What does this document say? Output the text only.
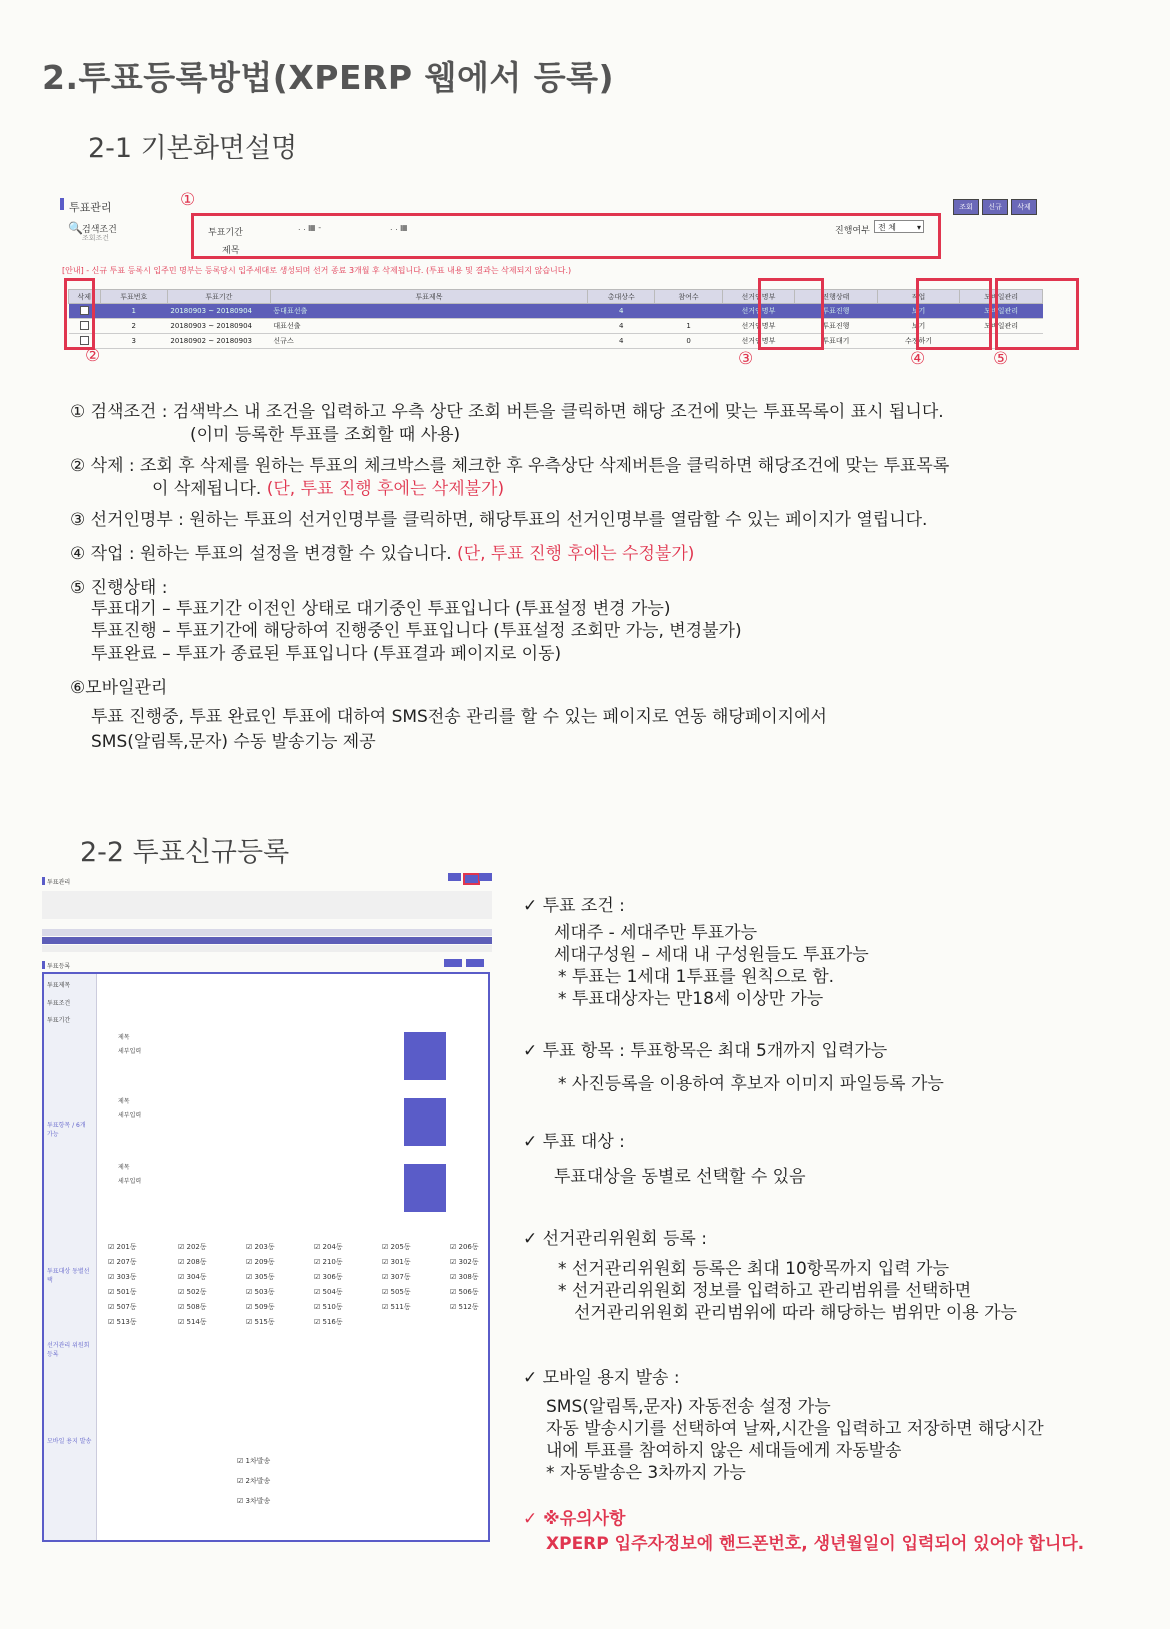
2.투표등록방법(XPERP 웹에서 등록)
2-1 기본화면설명
투표관리	①	조회	신규	삭제
🔍 검색조건
조회조건	투표기간
. . ▦ -	. . ▦
제목
진행여부	전 체	▾
[안내] - 신규 투표 등록시 입주민 명부는 등록당시 입주세대로 생성되며 선거 종료 3개월 후 삭제됩니다. (투표 내용 및 결과는 삭제되지 않습니다.)
삭제	투표번호	투표기간	투표제목	총대상수	참여수	선거인명부	진행상태	작업	모바일관리
	1	20180903 ~ 20180904	동대표선출	4		선거인명부	투표진행	보기	모바일관리
	2	20180903 ~ 20180904	대표선출	4	1	선거인명부	투표진행	보기	모바일관리
	3	20180902 ~ 20180903	신규스	4	0	선거인명부	투표대기	수정하기	
②	③	④	⑤
① 검색조건 : 검색박스 내 조건을 입력하고 우측 상단 조회 버튼을 클릭하면 해당 조건에 맞는 투표목록이 표시 됩니다.
(이미 등록한 투표를 조회할 때 사용)
② 삭제 : 조회 후 삭제를 원하는 투표의 체크박스를 체크한 후 우측상단 삭제버튼을 클릭하면 해당조건에 맞는 투표목록
이 삭제됩니다. (단, 투표 진행 후에는 삭제불가)
③ 선거인명부 : 원하는 투표의 선거인명부를 클릭하면, 해당투표의 선거인명부를 열람할 수 있는 페이지가 열립니다.
④ 작업 : 원하는 투표의 설정을 변경할 수 있습니다. (단, 투표 진행 후에는 수정불가)
⑤ 진행상태 :
투표대기 – 투표기간 이전인 상태로 대기중인 투표입니다 (투표설정 변경 가능)
투표진행 – 투표기간에 해당하여 진행중인 투표입니다 (투표설정 조회만 가능, 변경불가)
투표완료 – 투표가 종료된 투표입니다 (투표결과 페이지로 이동)
⑥모바일관리
투표 진행중, 투표 완료인 투표에 대하여 SMS전송 관리를 할 수 있는 페이지로 연동 해당페이지에서
SMS(알림톡,문자) 수동 발송기능 제공
2-2 투표신규등록
투표관리
투표등록
투표제목
투표조건
투표기간
투표항목 / 6개 가능
투표대상 동별선택
선거관리 위원회 등록
모바일 용지 발송
제목
세부입력
제목
세부입력
제목
세부입력
☑ 201동	☑ 202동	☑ 203동	☑ 204동	☑ 205동	☑ 206동
☑ 207동	☑ 208동	☑ 209동	☑ 210동	☑ 301동	☑ 302동
☑ 303동	☑ 304동	☑ 305동	☑ 306동	☑ 307동	☑ 308동
☑ 501동	☑ 502동	☑ 503동	☑ 504동	☑ 505동	☑ 506동
☑ 507동	☑ 508동	☑ 509동	☑ 510동	☑ 511동	☑ 512동
☑ 513동	☑ 514동	☑ 515동	☑ 516동
☑ 1차발송
☑ 2차발송
☑ 3차발송
✓ 투표 조건 :
세대주 - 세대주만 투표가능
세대구성원 – 세대 내 구성원들도 투표가능
* 투표는 1세대 1투표를 원칙으로 함.
* 투표대상자는 만18세 이상만 가능
✓ 투표 항목 : 투표항목은 최대 5개까지 입력가능
* 사진등록을 이용하여 후보자 이미지 파일등록 가능
✓ 투표 대상 :
투표대상을 동별로 선택할 수 있음
✓ 선거관리위원회 등록 :
* 선거관리위원회 등록은 최대 10항목까지 입력 가능
* 선거관리위원회 정보를 입력하고 관리범위를 선택하면
선거관리위원회 관리범위에 따라 해당하는 범위만 이용 가능
✓ 모바일 용지 발송 :
SMS(알림톡,문자) 자동전송 설정 가능
자동 발송시기를 선택하여 날짜,시간을 입력하고 저장하면 해당시간
내에 투표를 참여하지 않은 세대들에게 자동발송
* 자동발송은 3차까지 가능
✓ ※유의사항
XPERP 입주자정보에 핸드폰번호, 생년월일이 입력되어 있어야 합니다.
